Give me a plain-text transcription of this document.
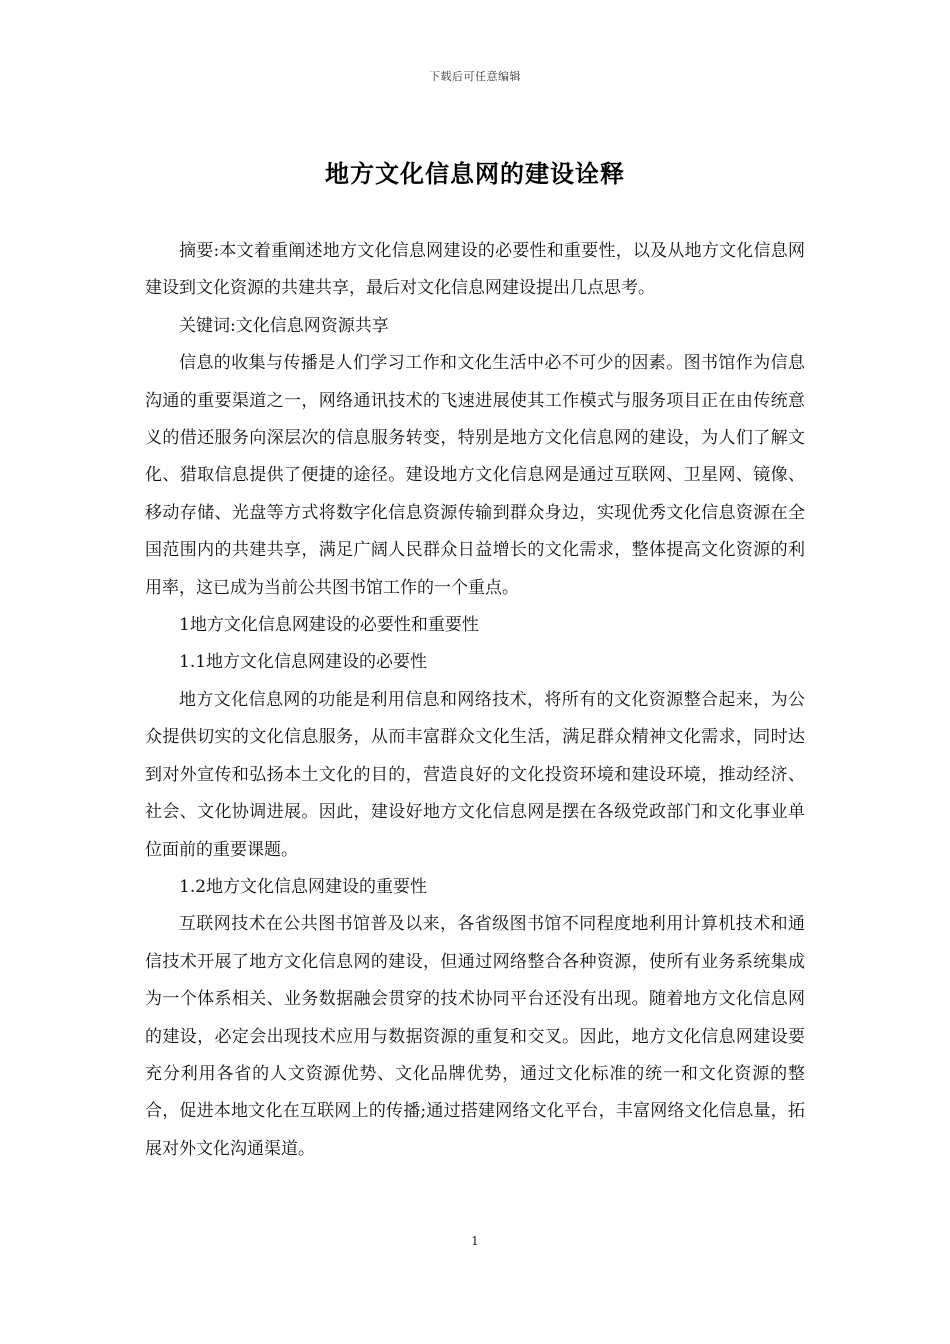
下载后可任意编辑
地方文化信息网的建设诠释

摘要:本文着重阐述地方文化信息网建设的必要性和重要性，以及从地方文化信息网建设到文化资源的共建共享，最后对文化信息网建设提出几点思考。

关键词:文化信息网资源共享

信息的收集与传播是人们学习工作和文化生活中必不可少的因素。图书馆作为信息沟通的重要渠道之一，网络通讯技术的飞速进展使其工作模式与服务项目正在由传统意义的借还服务向深层次的信息服务转变，特别是地方文化信息网的建设，为人们了解文化、猎取信息提供了便捷的途径。建设地方文化信息网是通过互联网、卫星网、镜像、移动存储、光盘等方式将数字化信息资源传输到群众身边，实现优秀文化信息资源在全国范围内的共建共享，满足广阔人民群众日益增长的文化需求，整体提高文化资源的利用率，这已成为当前公共图书馆工作的一个重点。

1地方文化信息网建设的必要性和重要性

1.1地方文化信息网建设的必要性

地方文化信息网的功能是利用信息和网络技术，将所有的文化资源整合起来，为公众提供切实的文化信息服务，从而丰富群众文化生活，满足群众精神文化需求，同时达到对外宣传和弘扬本土文化的目的，营造良好的文化投资环境和建设环境，推动经济、社会、文化协调进展。因此，建设好地方文化信息网是摆在各级党政部门和文化事业单位面前的重要课题。

1.2地方文化信息网建设的重要性

互联网技术在公共图书馆普及以来，各省级图书馆不同程度地利用计算机技术和通信技术开展了地方文化信息网的建设，但通过网络整合各种资源，使所有业务系统集成为一个体系相关、业务数据融会贯穿的技术协同平台还没有出现。随着地方文化信息网的建设，必定会出现技术应用与数据资源的重复和交叉。因此，地方文化信息网建设要充分利用各省的人文资源优势、文化品牌优势，通过文化标准的统一和文化资源的整合，促进本地文化在互联网上的传播;通过搭建网络文化平台，丰富网络文化信息量，拓展对外文化沟通渠道。

1
